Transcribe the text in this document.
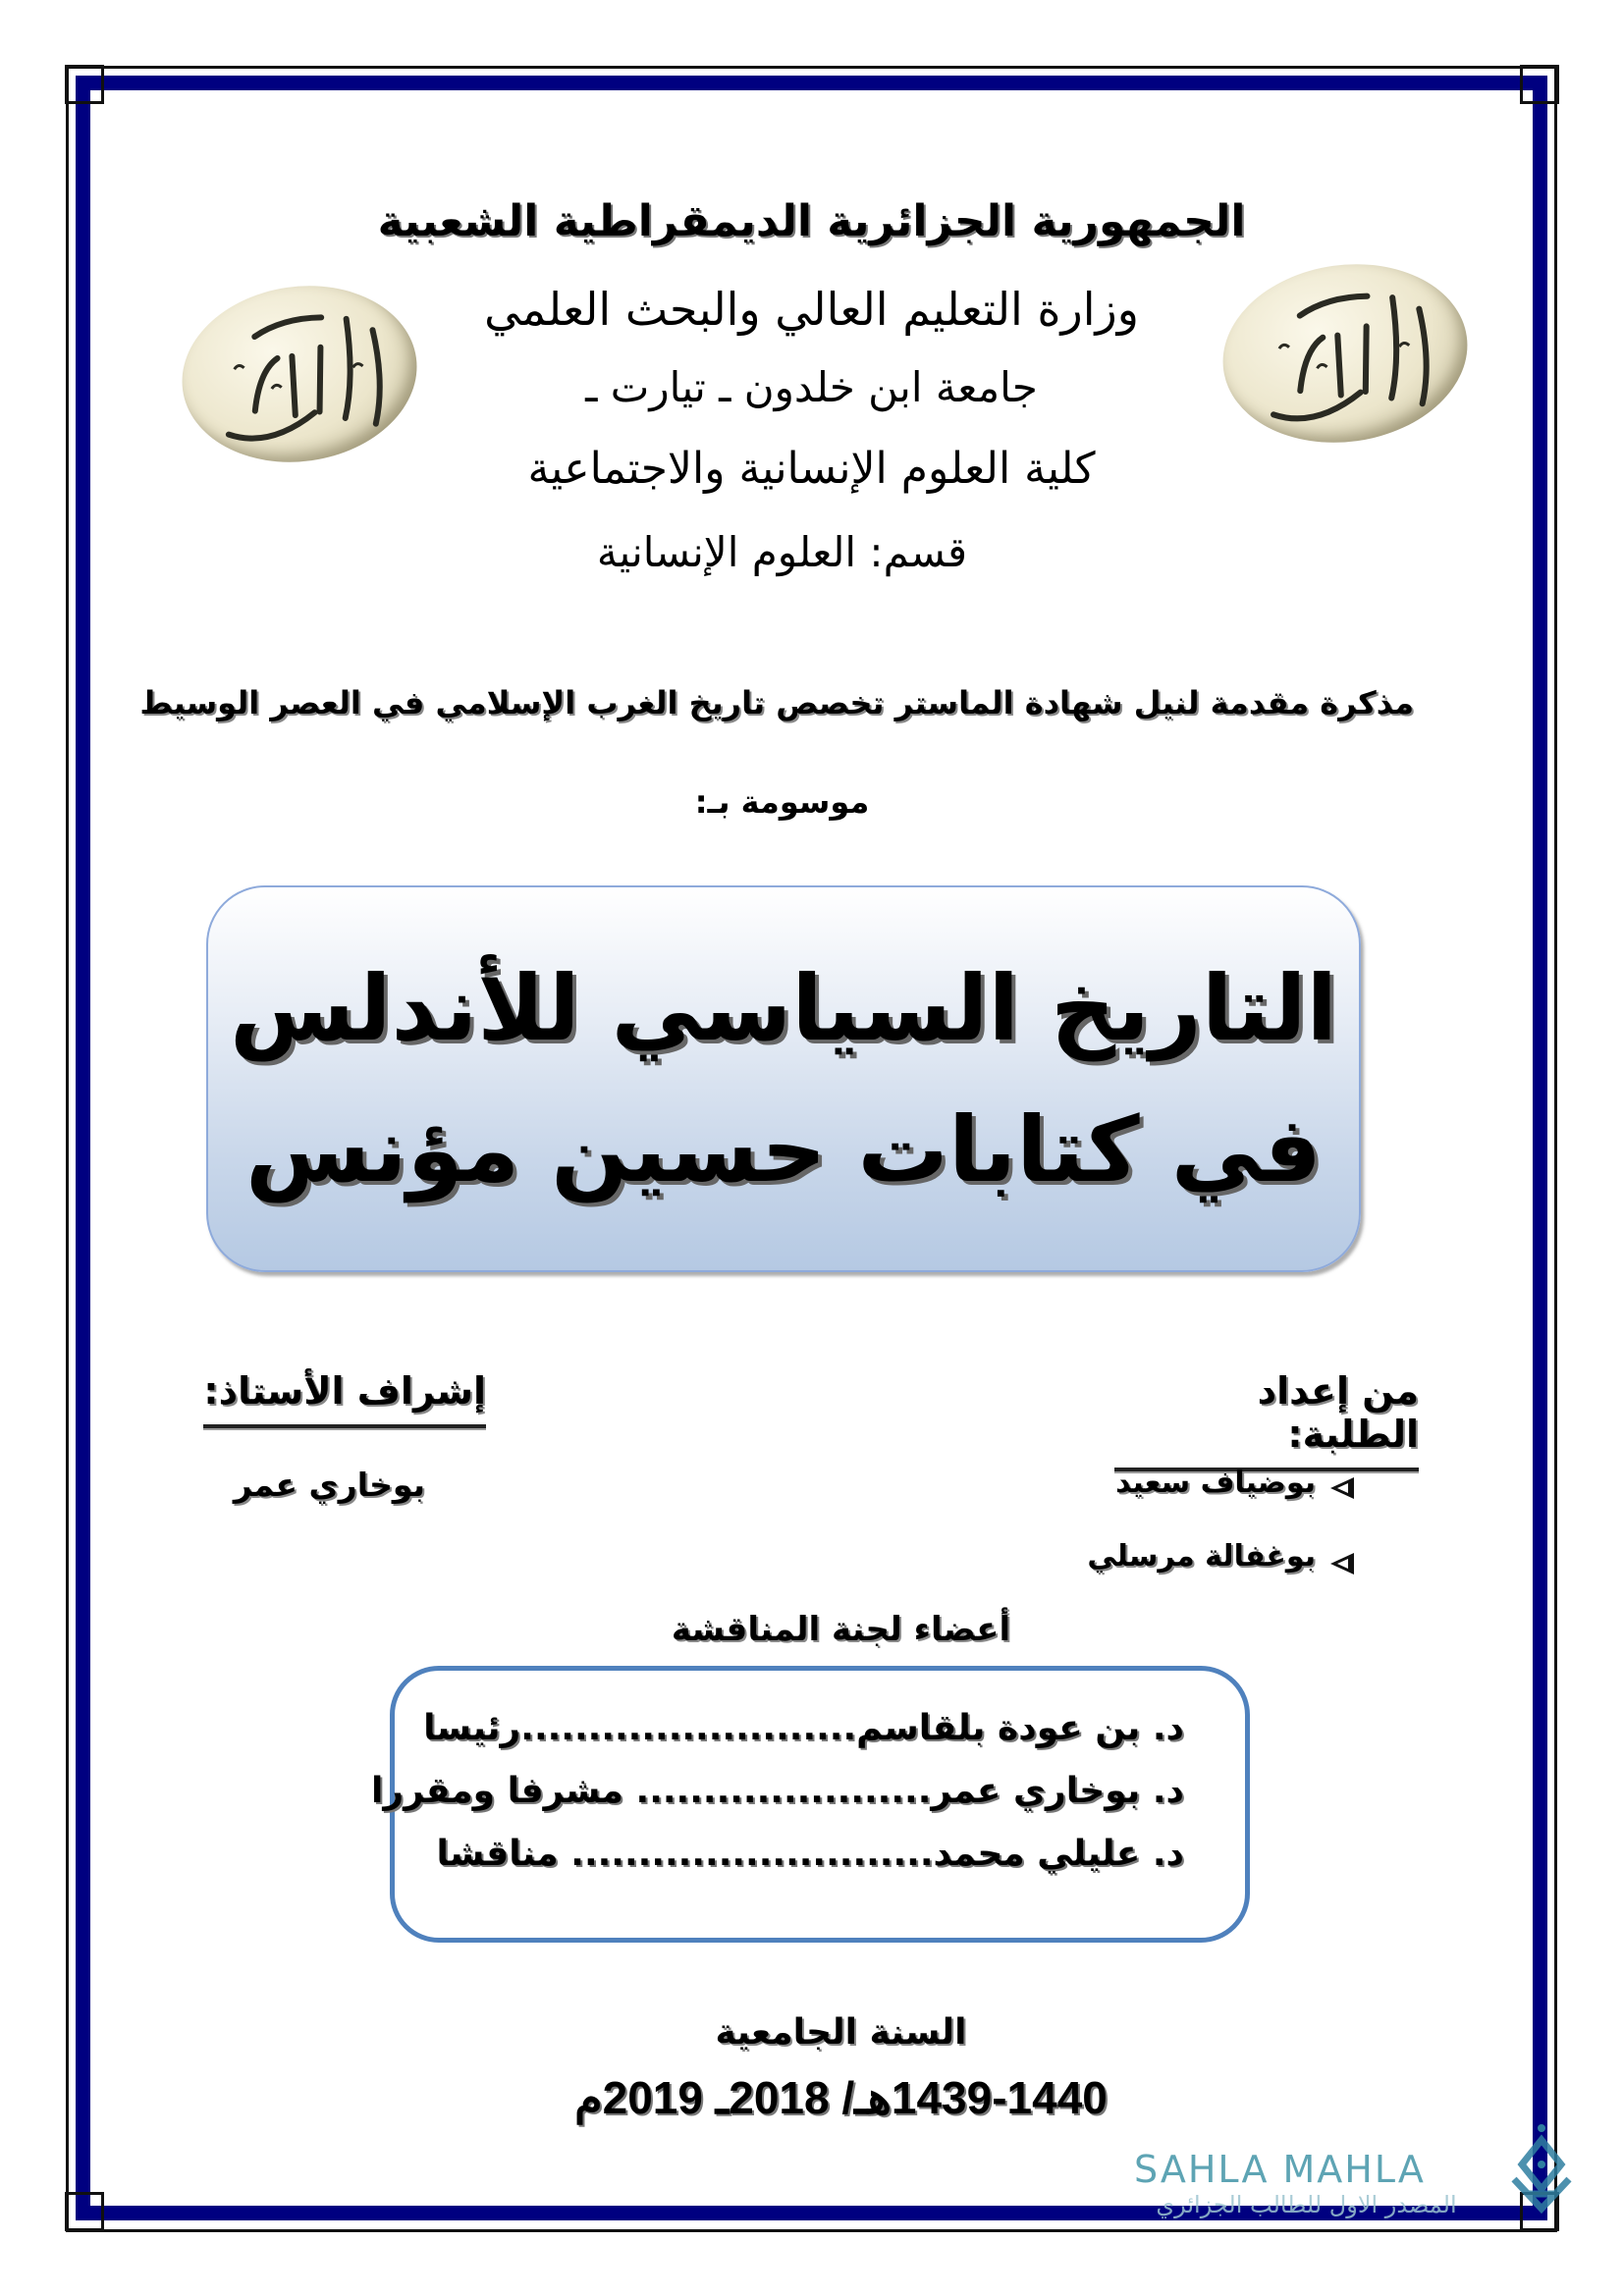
الجمهورية الجزائرية الديمقراطية الشعبية
وزارة التعليم العالي والبحث العلمي
جامعة ابن خلدون ـ تيارت ـ
كلية العلوم الإنسانية والاجتماعية
قسم: العلوم الإنسانية
مذكرة مقدمة لنيل شهادة الماستر تخصص تاريخ الغرب الإسلامي في العصر الوسيط
موسومة بـ:
التاريخ السياسي للأندلس
في كتابات حسين مؤنس
من إعداد الطلبة:
بوضياف سعيد
بوغفالة مرسلي
إشراف الأستاذ:
بوخاري عمر
أعضاء لجنة المناقشة
د. بن عودة بلقاسم.........................رئيسا
د. بوخاري عمر...................... مشرفا ومقررا
د. عليلي محمد........................... مناقشا
السنة الجامعية
1439-1440هـ/ 2018ـ 2019م
SAHLA MAHLA
المصدر الاول للطالب الجزائري
